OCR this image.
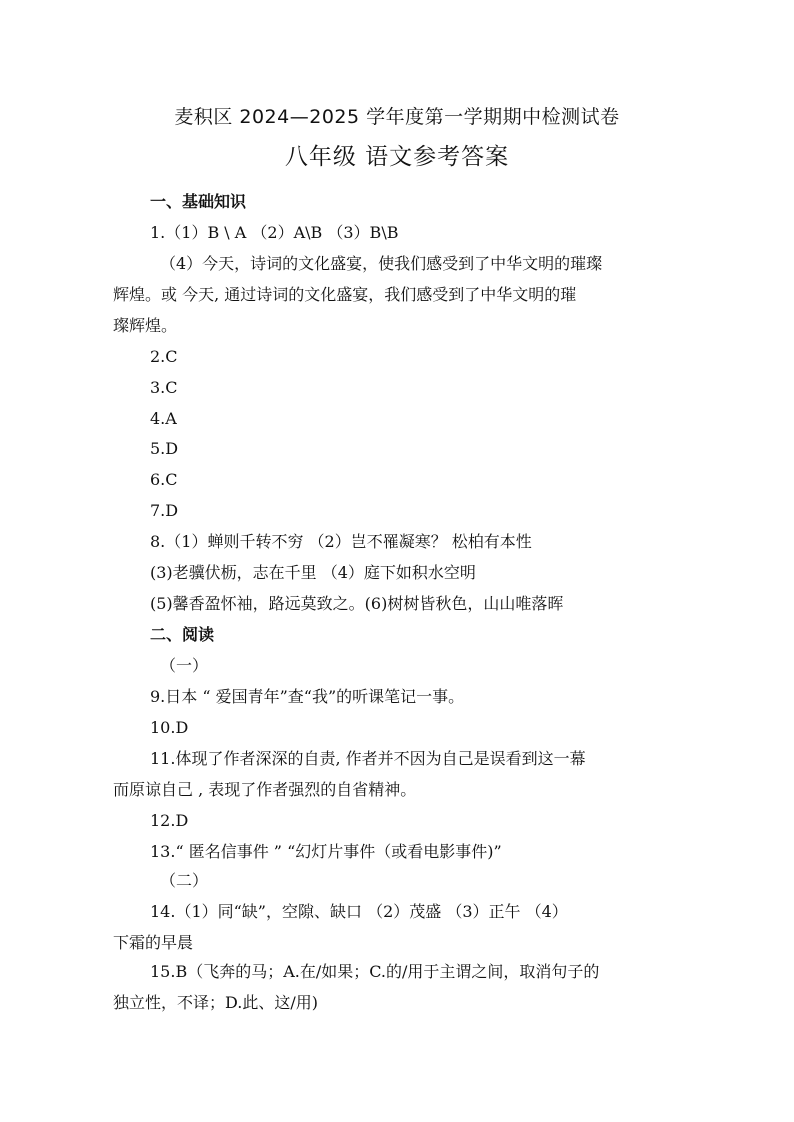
麦积区 2024—2025 学年度第一学期期中检测试卷
八年级 语文参考答案
一、基础知识
1.（1）B \ A （2）A\B （3）B\B
（4）今天，诗词的文化盛宴，使我们感受到了中华文明的璀璨
辉煌。或 今天, 通过诗词的文化盛宴，我们感受到了中华文明的璀
璨辉煌。
2.C
3.C
4.A
5.D
6.C
7.D
8.（1）蝉则千转不穷 （2）岂不罹凝寒？ 松柏有本性
(3)老骥伏枥，志在千里 （4）庭下如积水空明
(5)馨香盈怀袖，路远莫致之。(6)树树皆秋色，山山唯落晖
二、阅读
（一）
9.日本 “ 爱国青年”查“我”的听课笔记一事。
10.D
11.体现了作者深深的自责, 作者并不因为自己是误看到这一幕
而原谅自己 , 表现了作者强烈的自省精神。
12.D
13.“ 匿名信事件 ” “幻灯片事件（或看电影事件)”
（二）
14.（1）同“缺”，空隙、缺口 （2）茂盛 （3）正午 （4）
下霜的早晨
15.B（飞奔的马；A.在/如果；C.的/用于主谓之间，取消句子的
独立性，不译；D.此、这/用)
